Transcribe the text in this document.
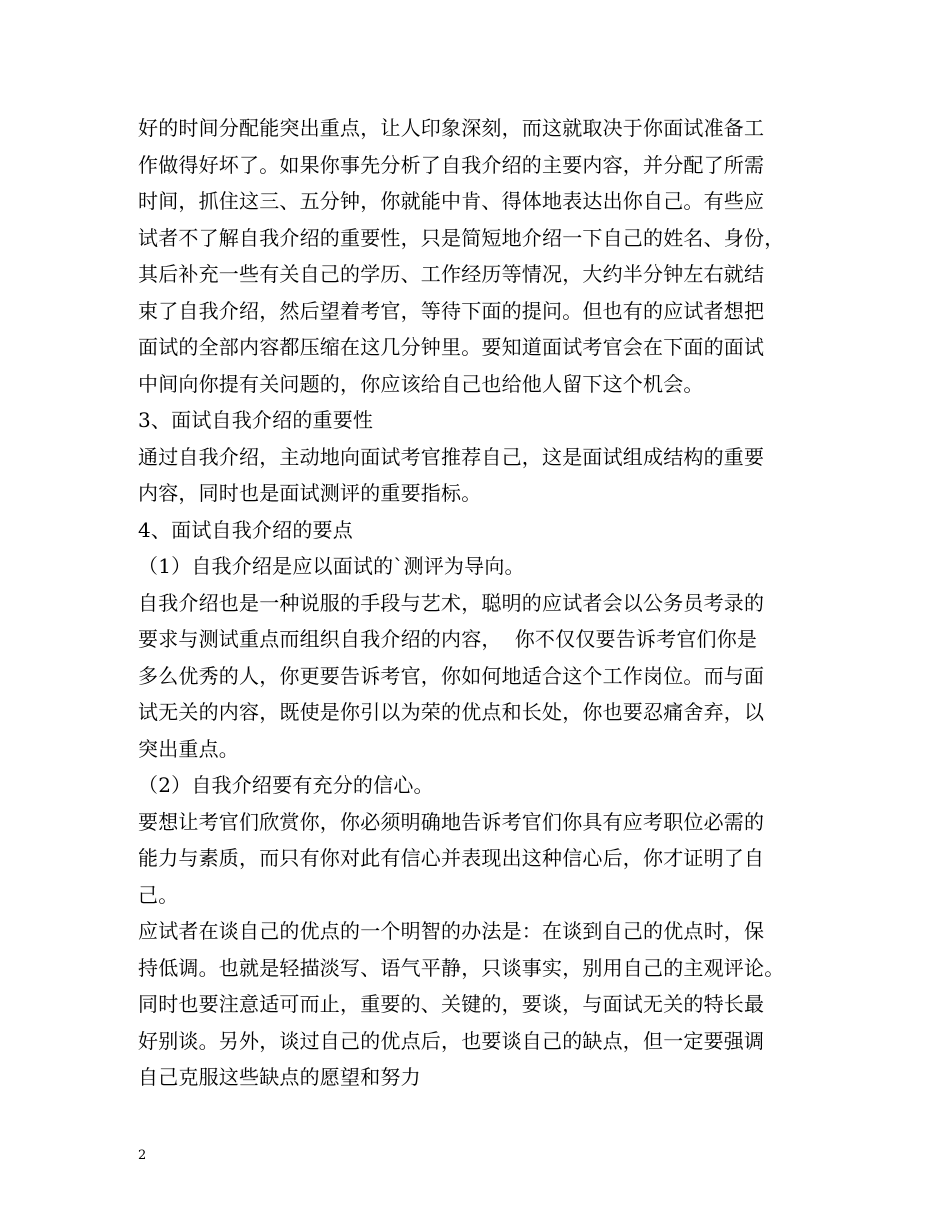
好的时间分配能突出重点，让人印象深刻，而这就取决于你面试准备工
作做得好坏了。如果你事先分析了自我介绍的主要内容，并分配了所需
时间，抓住这三、五分钟，你就能中肯、得体地表达出你自己。有些应
试者不了解自我介绍的重要性，只是简短地介绍一下自己的姓名、身份，
其后补充一些有关自己的学历、工作经历等情况，大约半分钟左右就结
束了自我介绍，然后望着考官，等待下面的提问。但也有的应试者想把
面试的全部内容都压缩在这几分钟里。要知道面试考官会在下面的面试
中间向你提有关问题的，你应该给自己也给他人留下这个机会。
3、面试自我介绍的重要性
通过自我介绍，主动地向面试考官推荐自己，这是面试组成结构的重要
内容，同时也是面试测评的重要指标。
4、面试自我介绍的要点
（1）自我介绍是应以面试的`测评为导向。
自我介绍也是一种说服的手段与艺术，聪明的应试者会以公务员考录的
要求与测试重点而组织自我介绍的内容，  你不仅仅要告诉考官们你是
多么优秀的人，你更要告诉考官，你如何地适合这个工作岗位。而与面
试无关的内容，既使是你引以为荣的优点和长处，你也要忍痛舍弃，以
突出重点。
（2）自我介绍要有充分的信心。
要想让考官们欣赏你，你必须明确地告诉考官们你具有应考职位必需的
能力与素质，而只有你对此有信心并表现出这种信心后，你才证明了自
己。
应试者在谈自己的优点的一个明智的办法是：在谈到自己的优点时，保
持低调。也就是轻描淡写、语气平静，只谈事实，别用自己的主观评论。
同时也要注意适可而止，重要的、关键的，要谈，与面试无关的特长最
好别谈。另外，谈过自己的优点后，也要谈自己的缺点，但一定要强调
自己克服这些缺点的愿望和努力
2
